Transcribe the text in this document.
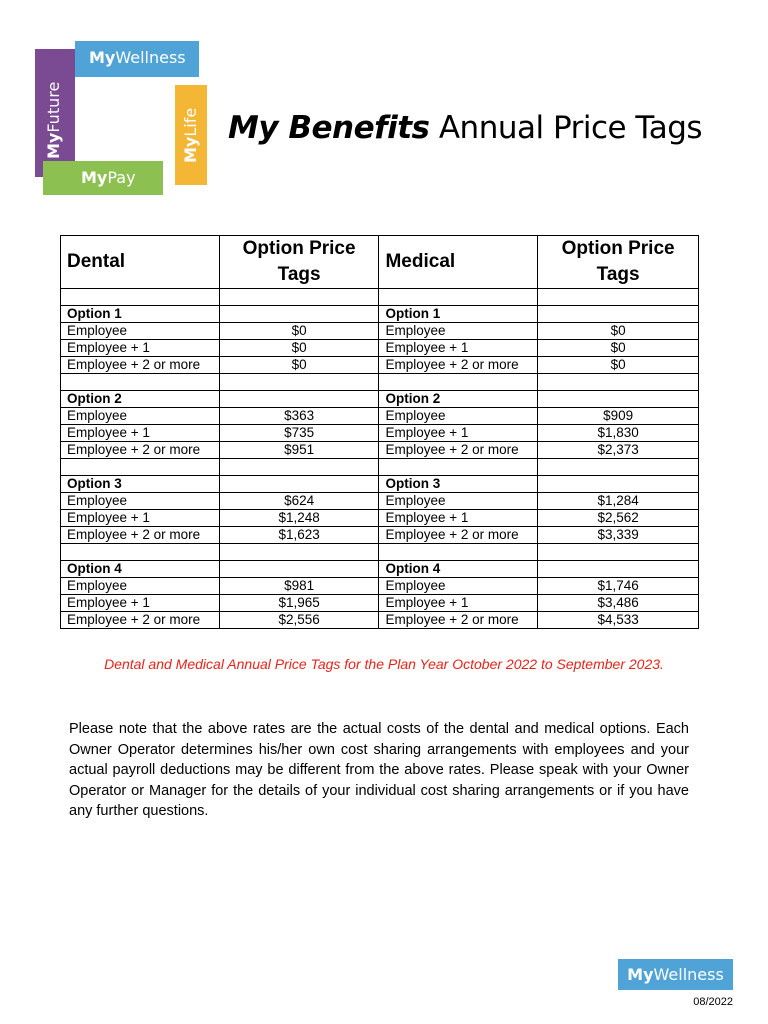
MyFuture
MyWellness
MyLife
MyPay
My Benefits Annual Price Tags
Dental	Option Price Tags	Medical	Option Price Tags

Option 1		Option 1	
Employee	$0	Employee	$0
Employee + 1	$0	Employee + 1	$0
Employee + 2 or more	$0	Employee + 2 or more	$0

Option 2		Option 2	
Employee	$363	Employee	$909
Employee + 1	$735	Employee + 1	$1,830
Employee + 2 or more	$951	Employee + 2 or more	$2,373

Option 3		Option 3	
Employee	$624	Employee	$1,284
Employee + 1	$1,248	Employee + 1	$2,562
Employee + 2 or more	$1,623	Employee + 2 or more	$3,339

Option 4		Option 4	
Employee	$981	Employee	$1,746
Employee + 1	$1,965	Employee + 1	$3,486
Employee + 2 or more	$2,556	Employee + 2 or more	$4,533
Dental and Medical Annual Price Tags for the Plan Year October 2022 to September 2023.
Please note that the above rates are the actual costs of the dental and medical options. Each Owner Operator determines his/her own cost sharing arrangements with employees and your actual payroll deductions may be different from the above rates. Please speak with your Owner Operator or Manager for the details of your individual cost sharing arrangements or if you have any further questions.
MyWellness
08/2022
